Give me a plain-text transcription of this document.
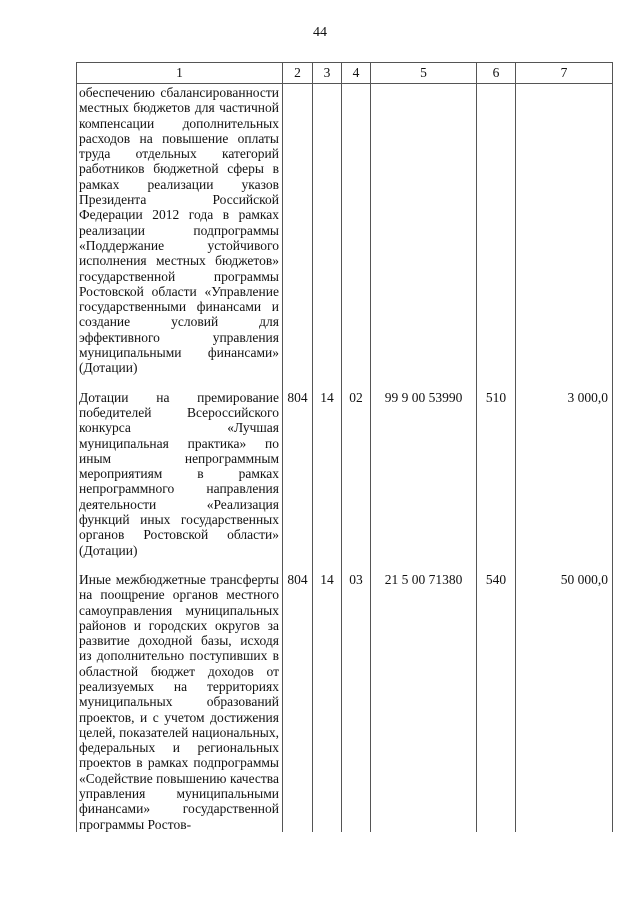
44
1	2	3	4	5	6	7
обеспечению сбалансированности местных бюджетов для частичной компенсации дополнительных расходов на повышение оплаты труда отдельных категорий работников бюджетной сферы в рамках реализации указов Президента Российской Федерации 2012 года в рамках реализации подпрограммы «Поддержание устойчивого исполнения местных бюджетов» государственной программы Ростовской области «Управление государственными финансами и создание условий для эффективного управления муниципальными финансами» (Дотации)						
Дотации на премирование победителей Всероссийского конкурса «Лучшая муниципальная практика» по иным непрограммным мероприятиям в рамках непрограммного направления деятельности «Реализация функций иных государственных органов Ростовской области» (Дотации)	804	14	02	99 9 00 53990	510	3 000,0
Иные межбюджетные трансферты на поощрение органов местного самоуправления муниципальных районов и городских округов за развитие доходной базы, исходя из дополнительно поступивших в областной бюджет доходов от реализуемых на территориях муниципальных образований проектов, и с учетом достижения целей, показателей национальных, федеральных и региональных проектов в рамках подпрограммы «Содействие повышению качества управления муниципальными финансами» государственной программы Ростов-	804	14	03	21 5 00 71380	540	50 000,0
